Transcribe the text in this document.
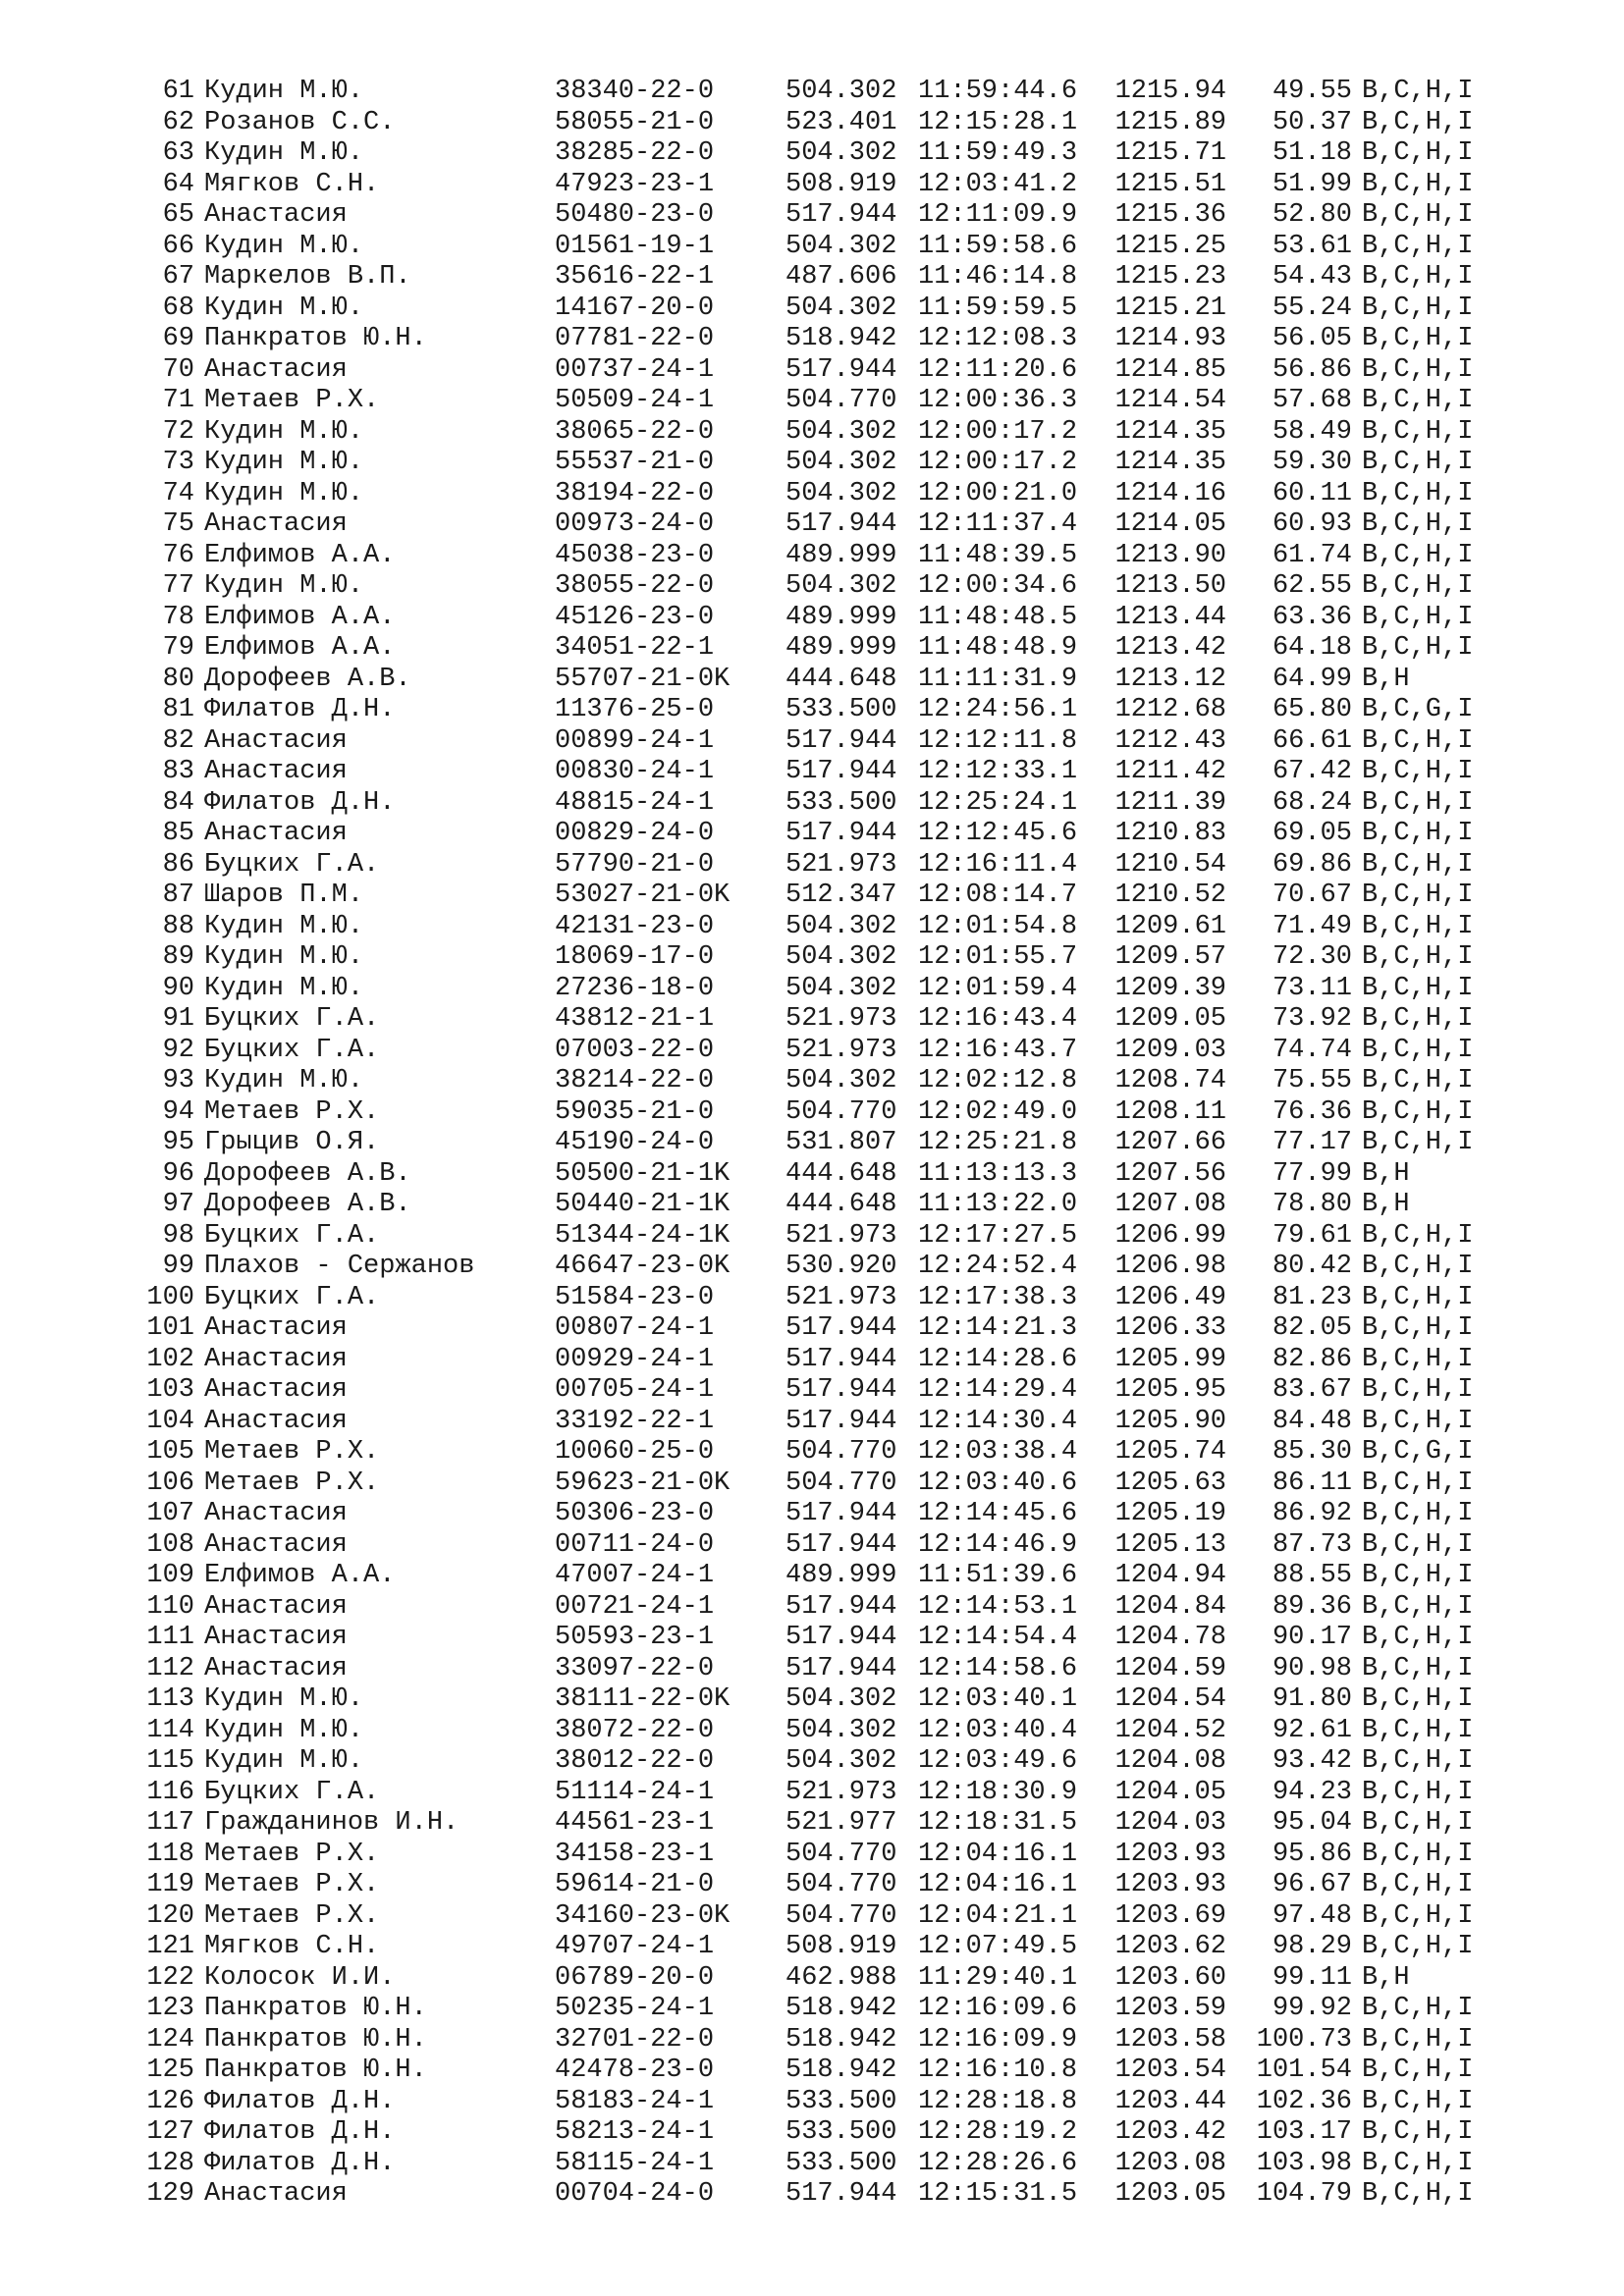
61 Кудин М.Ю.	38340-22-0	504.302 11:59:44.6 1215.94	49.55 B,C,H,I
62 Розанов С.С.	58055-21-0	523.401 12:15:28.1 1215.89	50.37 B,C,H,I
63 Кудин М.Ю.	38285-22-0	504.302 11:59:49.3 1215.71	51.18 B,C,H,I
64 Мягков С.Н.	47923-23-1	508.919 12:03:41.2 1215.51	51.99 B,C,H,I
65 Анастасия	50480-23-0	517.944 12:11:09.9 1215.36	52.80 B,C,H,I
66 Кудин М.Ю.	01561-19-1	504.302 11:59:58.6 1215.25	53.61 B,C,H,I
67 Маркелов В.П.	35616-22-1	487.606 11:46:14.8 1215.23	54.43 B,C,H,I
68 Кудин М.Ю.	14167-20-0	504.302 11:59:59.5 1215.21	55.24 B,C,H,I
69 Панкратов Ю.Н.	07781-22-0	518.942 12:12:08.3 1214.93	56.05 B,C,H,I
70 Анастасия	00737-24-1	517.944 12:11:20.6 1214.85	56.86 B,C,H,I
71 Метаев Р.Х.	50509-24-1	504.770 12:00:36.3 1214.54	57.68 B,C,H,I
72 Кудин М.Ю.	38065-22-0	504.302 12:00:17.2 1214.35	58.49 B,C,H,I
73 Кудин М.Ю.	55537-21-0	504.302 12:00:17.2 1214.35	59.30 B,C,H,I
74 Кудин М.Ю.	38194-22-0	504.302 12:00:21.0 1214.16	60.11 B,C,H,I
75 Анастасия	00973-24-0	517.944 12:11:37.4 1214.05	60.93 B,C,H,I
76 Елфимов А.А.	45038-23-0	489.999 11:48:39.5 1213.90	61.74 B,C,H,I
77 Кудин М.Ю.	38055-22-0	504.302 12:00:34.6 1213.50	62.55 B,C,H,I
78 Елфимов А.А.	45126-23-0	489.999 11:48:48.5 1213.44	63.36 B,C,H,I
79 Елфимов А.А.	34051-22-1	489.999 11:48:48.9 1213.42	64.18 B,C,H,I
80 Дорофеев А.В.	55707-21-0K 444.648 11:11:31.9 1213.12	64.99 B,H
81 Филатов Д.Н.	11376-25-0	533.500 12:24:56.1 1212.68	65.80 B,C,G,I
82 Анастасия	00899-24-1	517.944 12:12:11.8 1212.43	66.61 B,C,H,I
83 Анастасия	00830-24-1	517.944 12:12:33.1 1211.42	67.42 B,C,H,I
84 Филатов Д.Н.	48815-24-1	533.500 12:25:24.1 1211.39	68.24 B,C,H,I
85 Анастасия	00829-24-0	517.944 12:12:45.6 1210.83	69.05 B,C,H,I
86 Буцких Г.А.	57790-21-0	521.973 12:16:11.4 1210.54	69.86 B,C,H,I
87 Шаров П.М.	53027-21-0K 512.347 12:08:14.7 1210.52	70.67 B,C,H,I
88 Кудин М.Ю.	42131-23-0	504.302 12:01:54.8 1209.61	71.49 B,C,H,I
89 Кудин М.Ю.	18069-17-0	504.302 12:01:55.7 1209.57	72.30 B,C,H,I
90 Кудин М.Ю.	27236-18-0	504.302 12:01:59.4 1209.39	73.11 B,C,H,I
91 Буцких Г.А.	43812-21-1	521.973 12:16:43.4 1209.05	73.92 B,C,H,I
92 Буцких Г.А.	07003-22-0	521.973 12:16:43.7 1209.03	74.74 B,C,H,I
93 Кудин М.Ю.	38214-22-0	504.302 12:02:12.8 1208.74	75.55 B,C,H,I
94 Метаев Р.Х.	59035-21-0	504.770 12:02:49.0 1208.11	76.36 B,C,H,I
95 Грыцив О.Я.	45190-24-0	531.807 12:25:21.8 1207.66	77.17 B,C,H,I
96 Дорофеев А.В.	50500-21-1K 444.648 11:13:13.3 1207.56	77.99 B,H
97 Дорофеев А.В.	50440-21-1K 444.648 11:13:22.0 1207.08	78.80 B,H
98 Буцких Г.А.	51344-24-1K 521.973 12:17:27.5 1206.99	79.61 B,C,H,I
99 Плахов - Сержанов	46647-23-0K 530.920 12:24:52.4 1206.98	80.42 B,C,H,I
100 Буцких Г.А.	51584-23-0	521.973 12:17:38.3 1206.49	81.23 B,C,H,I
101 Анастасия	00807-24-1	517.944 12:14:21.3 1206.33	82.05 B,C,H,I
102 Анастасия	00929-24-1	517.944 12:14:28.6 1205.99	82.86 B,C,H,I
103 Анастасия	00705-24-1	517.944 12:14:29.4 1205.95	83.67 B,C,H,I
104 Анастасия	33192-22-1	517.944 12:14:30.4 1205.90	84.48 B,C,H,I
105 Метаев Р.Х.	10060-25-0	504.770 12:03:38.4 1205.74	85.30 B,C,G,I
106 Метаев Р.Х.	59623-21-0K 504.770 12:03:40.6 1205.63	86.11 B,C,H,I
107 Анастасия	50306-23-0	517.944 12:14:45.6 1205.19	86.92 B,C,H,I
108 Анастасия	00711-24-0	517.944 12:14:46.9 1205.13	87.73 B,C,H,I
109 Елфимов А.А.	47007-24-1	489.999 11:51:39.6 1204.94	88.55 B,C,H,I
110 Анастасия	00721-24-1	517.944 12:14:53.1 1204.84	89.36 B,C,H,I
111 Анастасия	50593-23-1	517.944 12:14:54.4 1204.78	90.17 B,C,H,I
112 Анастасия	33097-22-0	517.944 12:14:58.6 1204.59	90.98 B,C,H,I
113 Кудин М.Ю.	38111-22-0K 504.302 12:03:40.1 1204.54	91.80 B,C,H,I
114 Кудин М.Ю.	38072-22-0	504.302 12:03:40.4 1204.52	92.61 B,C,H,I
115 Кудин М.Ю.	38012-22-0	504.302 12:03:49.6 1204.08	93.42 B,C,H,I
116 Буцких Г.А.	51114-24-1	521.973 12:18:30.9 1204.05	94.23 B,C,H,I
117 Гражданинов И.Н.	44561-23-1	521.977 12:18:31.5 1204.03	95.04 B,C,H,I
118 Метаев Р.Х.	34158-23-1	504.770 12:04:16.1 1203.93	95.86 B,C,H,I
119 Метаев Р.Х.	59614-21-0	504.770 12:04:16.1 1203.93	96.67 B,C,H,I
120 Метаев Р.Х.	34160-23-0K 504.770 12:04:21.1 1203.69	97.48 B,C,H,I
121 Мягков С.Н.	49707-24-1	508.919 12:07:49.5 1203.62	98.29 B,C,H,I
122 Колосок И.И.	06789-20-0	462.988 11:29:40.1 1203.60	99.11 B,H
123 Панкратов Ю.Н.	50235-24-1	518.942 12:16:09.6 1203.59	99.92 B,C,H,I
124 Панкратов Ю.Н.	32701-22-0	518.942 12:16:09.9 1203.58	100.73 B,C,H,I
125 Панкратов Ю.Н.	42478-23-0	518.942 12:16:10.8 1203.54	101.54 B,C,H,I
126 Филатов Д.Н.	58183-24-1	533.500 12:28:18.8 1203.44	102.36 B,C,H,I
127 Филатов Д.Н.	58213-24-1	533.500 12:28:19.2 1203.42	103.17 B,C,H,I
128 Филатов Д.Н.	58115-24-1	533.500 12:28:26.6 1203.08	103.98 B,C,H,I
129 Анастасия	00704-24-0	517.944 12:15:31.5 1203.05	104.79 B,C,H,I
